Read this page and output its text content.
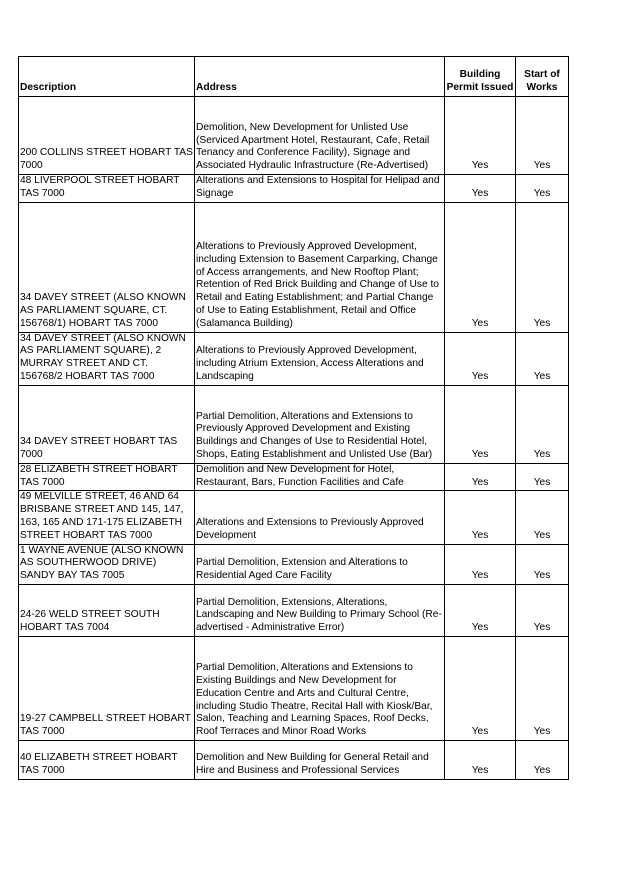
Description	Address	Building Permit Issued	Start of Works
200 COLLINS STREET HOBART TAS 7000	Demolition, New Development for Unlisted Use (Serviced Apartment Hotel, Restaurant, Cafe, Retail Tenancy and Conference Facility), Signage and Associated Hydraulic Infrastructure (Re-Advertised)	Yes	Yes
48 LIVERPOOL STREET HOBART TAS 7000	Alterations and Extensions to Hospital for Helipad and Signage	Yes	Yes
34 DAVEY STREET (ALSO KNOWN AS PARLIAMENT SQUARE, CT. 156768/1) HOBART TAS 7000	Alterations to Previously Approved Development, including Extension to Basement Carparking, Change of Access arrangements, and New Rooftop Plant; Retention of Red Brick Building and Change of Use to Retail and Eating Establishment; and Partial Change of Use to Eating Establishment, Retail and Office (Salamanca Building)	Yes	Yes
34 DAVEY STREET (ALSO KNOWN AS PARLIAMENT SQUARE), 2 MURRAY STREET AND CT. 156768/2 HOBART TAS 7000	Alterations to Previously Approved Development, including Atrium Extension, Access Alterations and Landscaping	Yes	Yes
34 DAVEY STREET HOBART TAS 7000	Partial Demolition, Alterations and Extensions to Previously Approved Development and Existing Buildings and Changes of Use to Residential Hotel, Shops, Eating Establishment and Unlisted Use (Bar)	Yes	Yes
28 ELIZABETH STREET HOBART TAS 7000	Demolition and New Development for Hotel, Restaurant, Bars, Function Facilities and Cafe	Yes	Yes
49 MELVILLE STREET, 46 AND 64 BRISBANE STREET AND 145, 147, 163, 165 AND 171-175 ELIZABETH STREET HOBART TAS 7000	Alterations and Extensions to Previously Approved Development	Yes	Yes
1 WAYNE AVENUE (ALSO KNOWN AS SOUTHERWOOD DRIVE) SANDY BAY TAS 7005	Partial Demolition, Extension and Alterations to Residential Aged Care Facility	Yes	Yes
24-26 WELD STREET SOUTH HOBART TAS 7004	Partial Demolition, Extensions, Alterations, Landscaping and New Building to Primary School (Re-advertised - Administrative Error)	Yes	Yes
19-27 CAMPBELL STREET HOBART TAS 7000	Partial Demolition, Alterations and Extensions to Existing Buildings and New Development for Education Centre and Arts and Cultural Centre, including Studio Theatre, Recital Hall with Kiosk/Bar, Salon, Teaching and Learning Spaces, Roof Decks, Roof Terraces and Minor Road Works	Yes	Yes
40 ELIZABETH STREET HOBART TAS 7000	Demolition and New Building for General Retail and Hire and Business and Professional Services	Yes	Yes
